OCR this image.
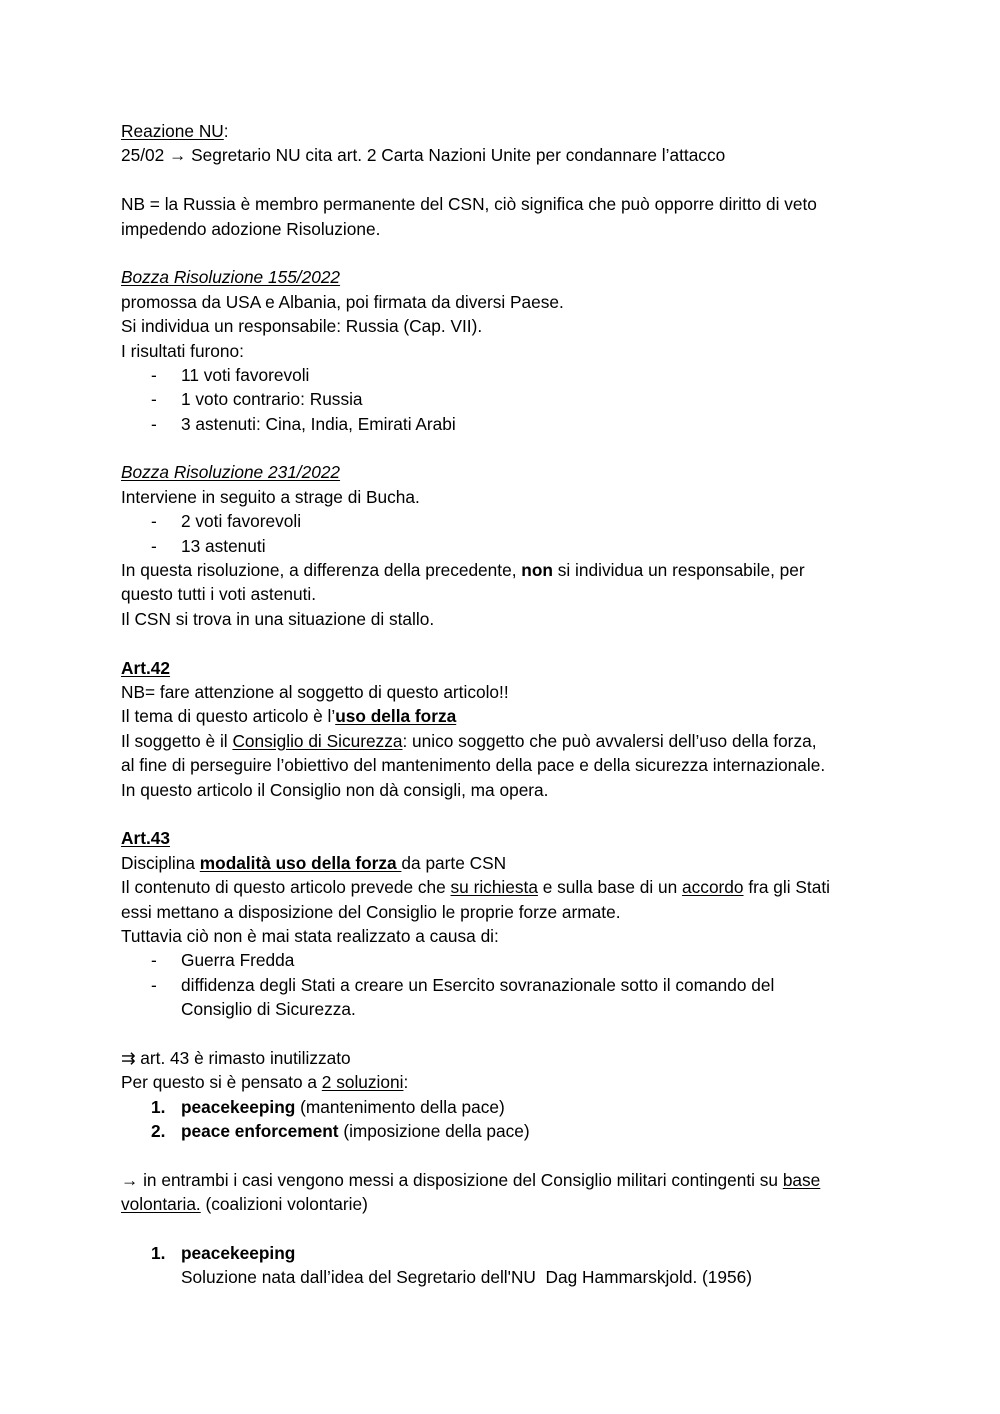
Reazione NU:
25/02 → Segretario NU cita art. 2 Carta Nazioni Unite per condannare l’attacco
NB = la Russia è membro permanente del CSN, ciò significa che può opporre diritto di veto
impedendo adozione Risoluzione.
Bozza Risoluzione 155/2022
promossa da USA e Albania, poi firmata da diversi Paese.
Si individua un responsabile: Russia (Cap. VII).
I risultati furono:
- 11 voti favorevoli
- 1 voto contrario: Russia
- 3 astenuti: Cina, India, Emirati Arabi
Bozza Risoluzione 231/2022
Interviene in seguito a strage di Bucha.
- 2 voti favorevoli
- 13 astenuti
In questa risoluzione, a differenza della precedente, non si individua un responsabile, per
questo tutti i voti astenuti.
Il CSN si trova in una situazione di stallo.
Art.42
NB= fare attenzione al soggetto di questo articolo!!
Il tema di questo articolo è l’uso della forza
Il soggetto è il Consiglio di Sicurezza: unico soggetto che può avvalersi dell’uso della forza,
al fine di perseguire l’obiettivo del mantenimento della pace e della sicurezza internazionale.
In questo articolo il Consiglio non dà consigli, ma opera.
Art.43
Disciplina modalità uso della forza da parte CSN
Il contenuto di questo articolo prevede che su richiesta e sulla base di un accordo fra gli Stati
essi mettano a disposizione del Consiglio le proprie forze armate.
Tuttavia ciò non è mai stata realizzato a causa di:
- Guerra Fredda
- diffidenza degli Stati a creare un Esercito sovranazionale sotto il comando del
Consiglio di Sicurezza.
⇉ art. 43 è rimasto inutilizzato
Per questo si è pensato a 2 soluzioni:
1. peacekeeping (mantenimento della pace)
2. peace enforcement (imposizione della pace)
→ in entrambi i casi vengono messi a disposizione del Consiglio militari contingenti su base
volontaria. (coalizioni volontarie)
1. peacekeeping
Soluzione nata dall’idea del Segretario dell'NU  Dag Hammarskjold. (1956)
